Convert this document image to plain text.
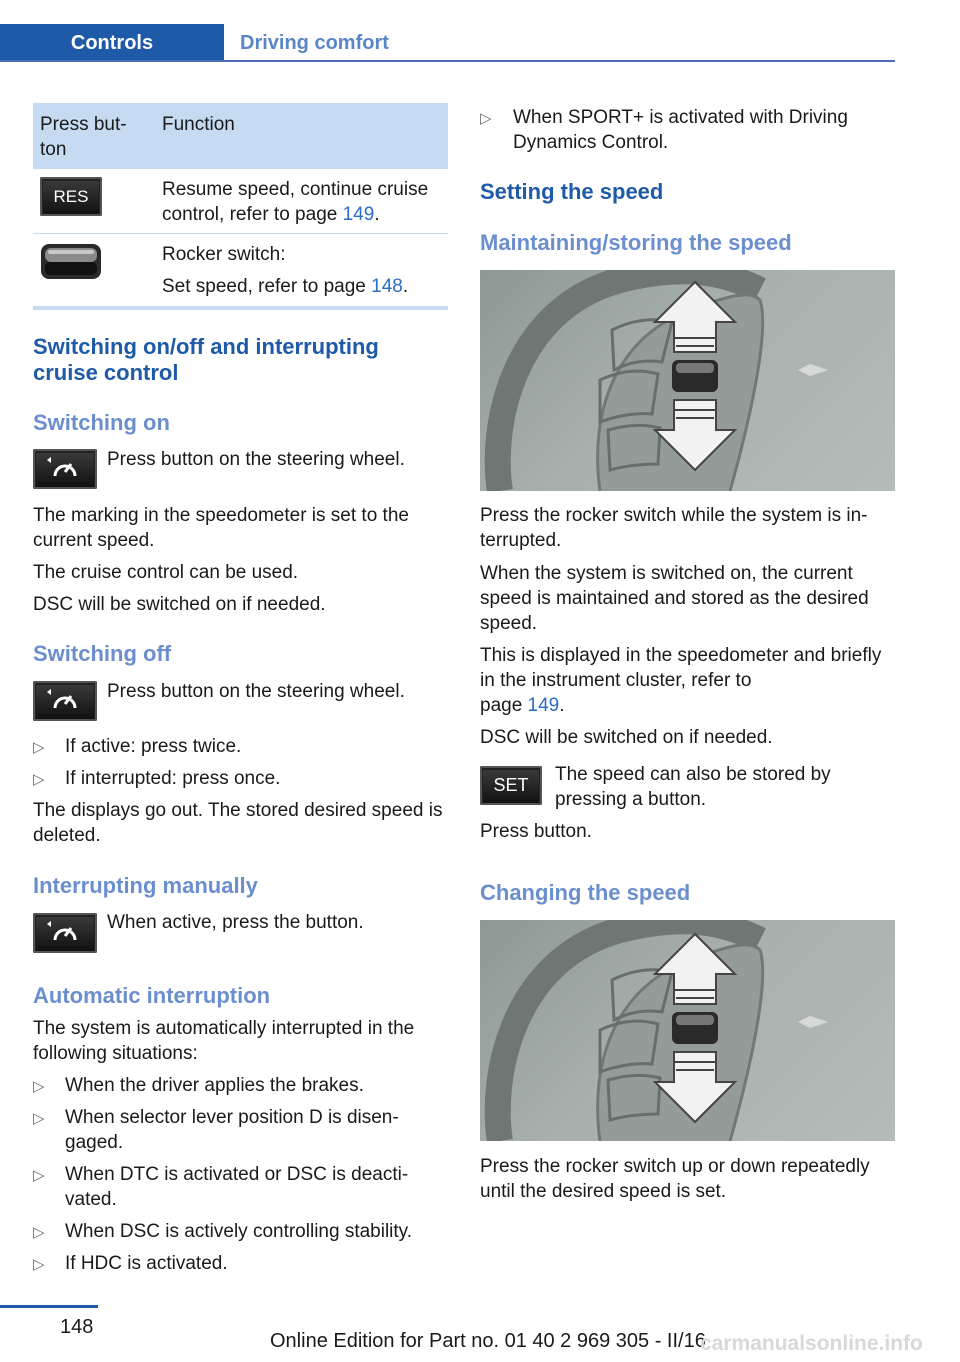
Controls	Driving comfort
Press but-
ton
Function
RES	Resume speed, continue cruise control, refer to page 149.
Rocker switch:
Set speed, refer to page 148.
Switching on/off and interrupting cruise control
Switching on
Press button on the steering wheel.
The marking in the speedometer is set to the current speed.
The cruise control can be used.
DSC will be switched on if needed.
Switching off
Press button on the steering wheel.
▷ If active: press twice.
▷ If interrupted: press once.
The displays go out. The stored desired speed is deleted.
Interrupting manually
When active, press the button.
Automatic interruption
The system is automatically interrupted in the following situations:
▷ When the driver applies the brakes.
▷ When selector lever position D is disen-
gaged.
▷ When DTC is activated or DSC is deacti-
vated.
▷ When DSC is actively controlling stability.
▷ If HDC is activated.
▷ When SPORT+ is activated with Driving Dynamics Control.
Setting the speed
Maintaining/storing the speed
Press the rocker switch while the system is in-
terrupted.
When the system is switched on, the current speed is maintained and stored as the desired speed.
This is displayed in the speedometer and briefly in the instrument cluster, refer to
page 149.
DSC will be switched on if needed.
SET The speed can also be stored by pressing a button.
Press button.
Changing the speed
Press the rocker switch up or down repeatedly until the desired speed is set.
148
Online Edition for Part no. 01 40 2 969 305 - II/16
carmanualsonline.info
